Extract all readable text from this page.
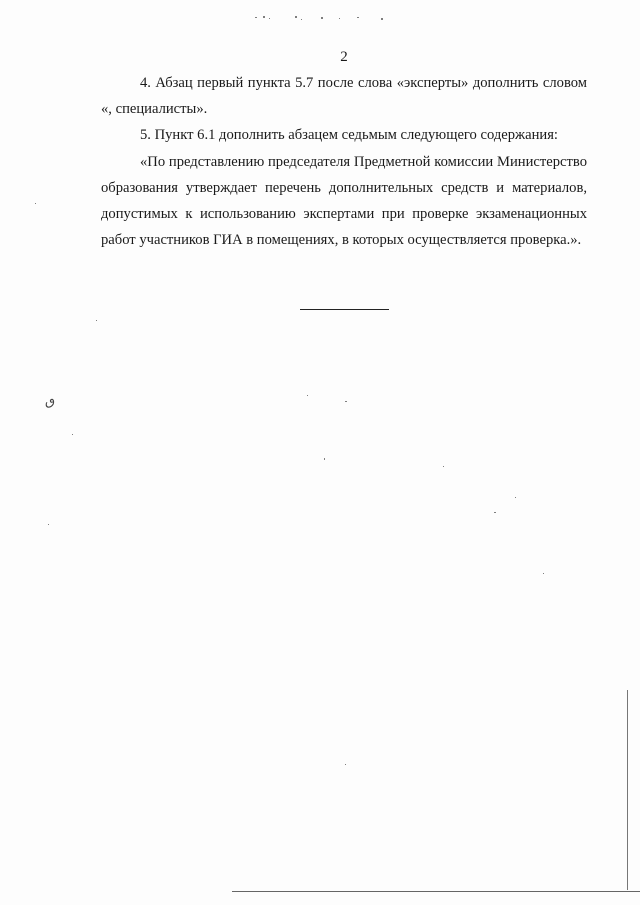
2

4. Абзац первый пункта 5.7 после слова «эксперты» дополнить словом «, специалисты».

5. Пункт 6.1 дополнить абзацем седьмым следующего содержания:

«По представлению председателя Предметной комиссии Министерство образования утверждает перечень дополнительных средств и материалов, допустимых к использованию экспертами при проверке экзаменационных работ участников ГИА в помещениях, в которых осуществляется проверка.».

ٯ
